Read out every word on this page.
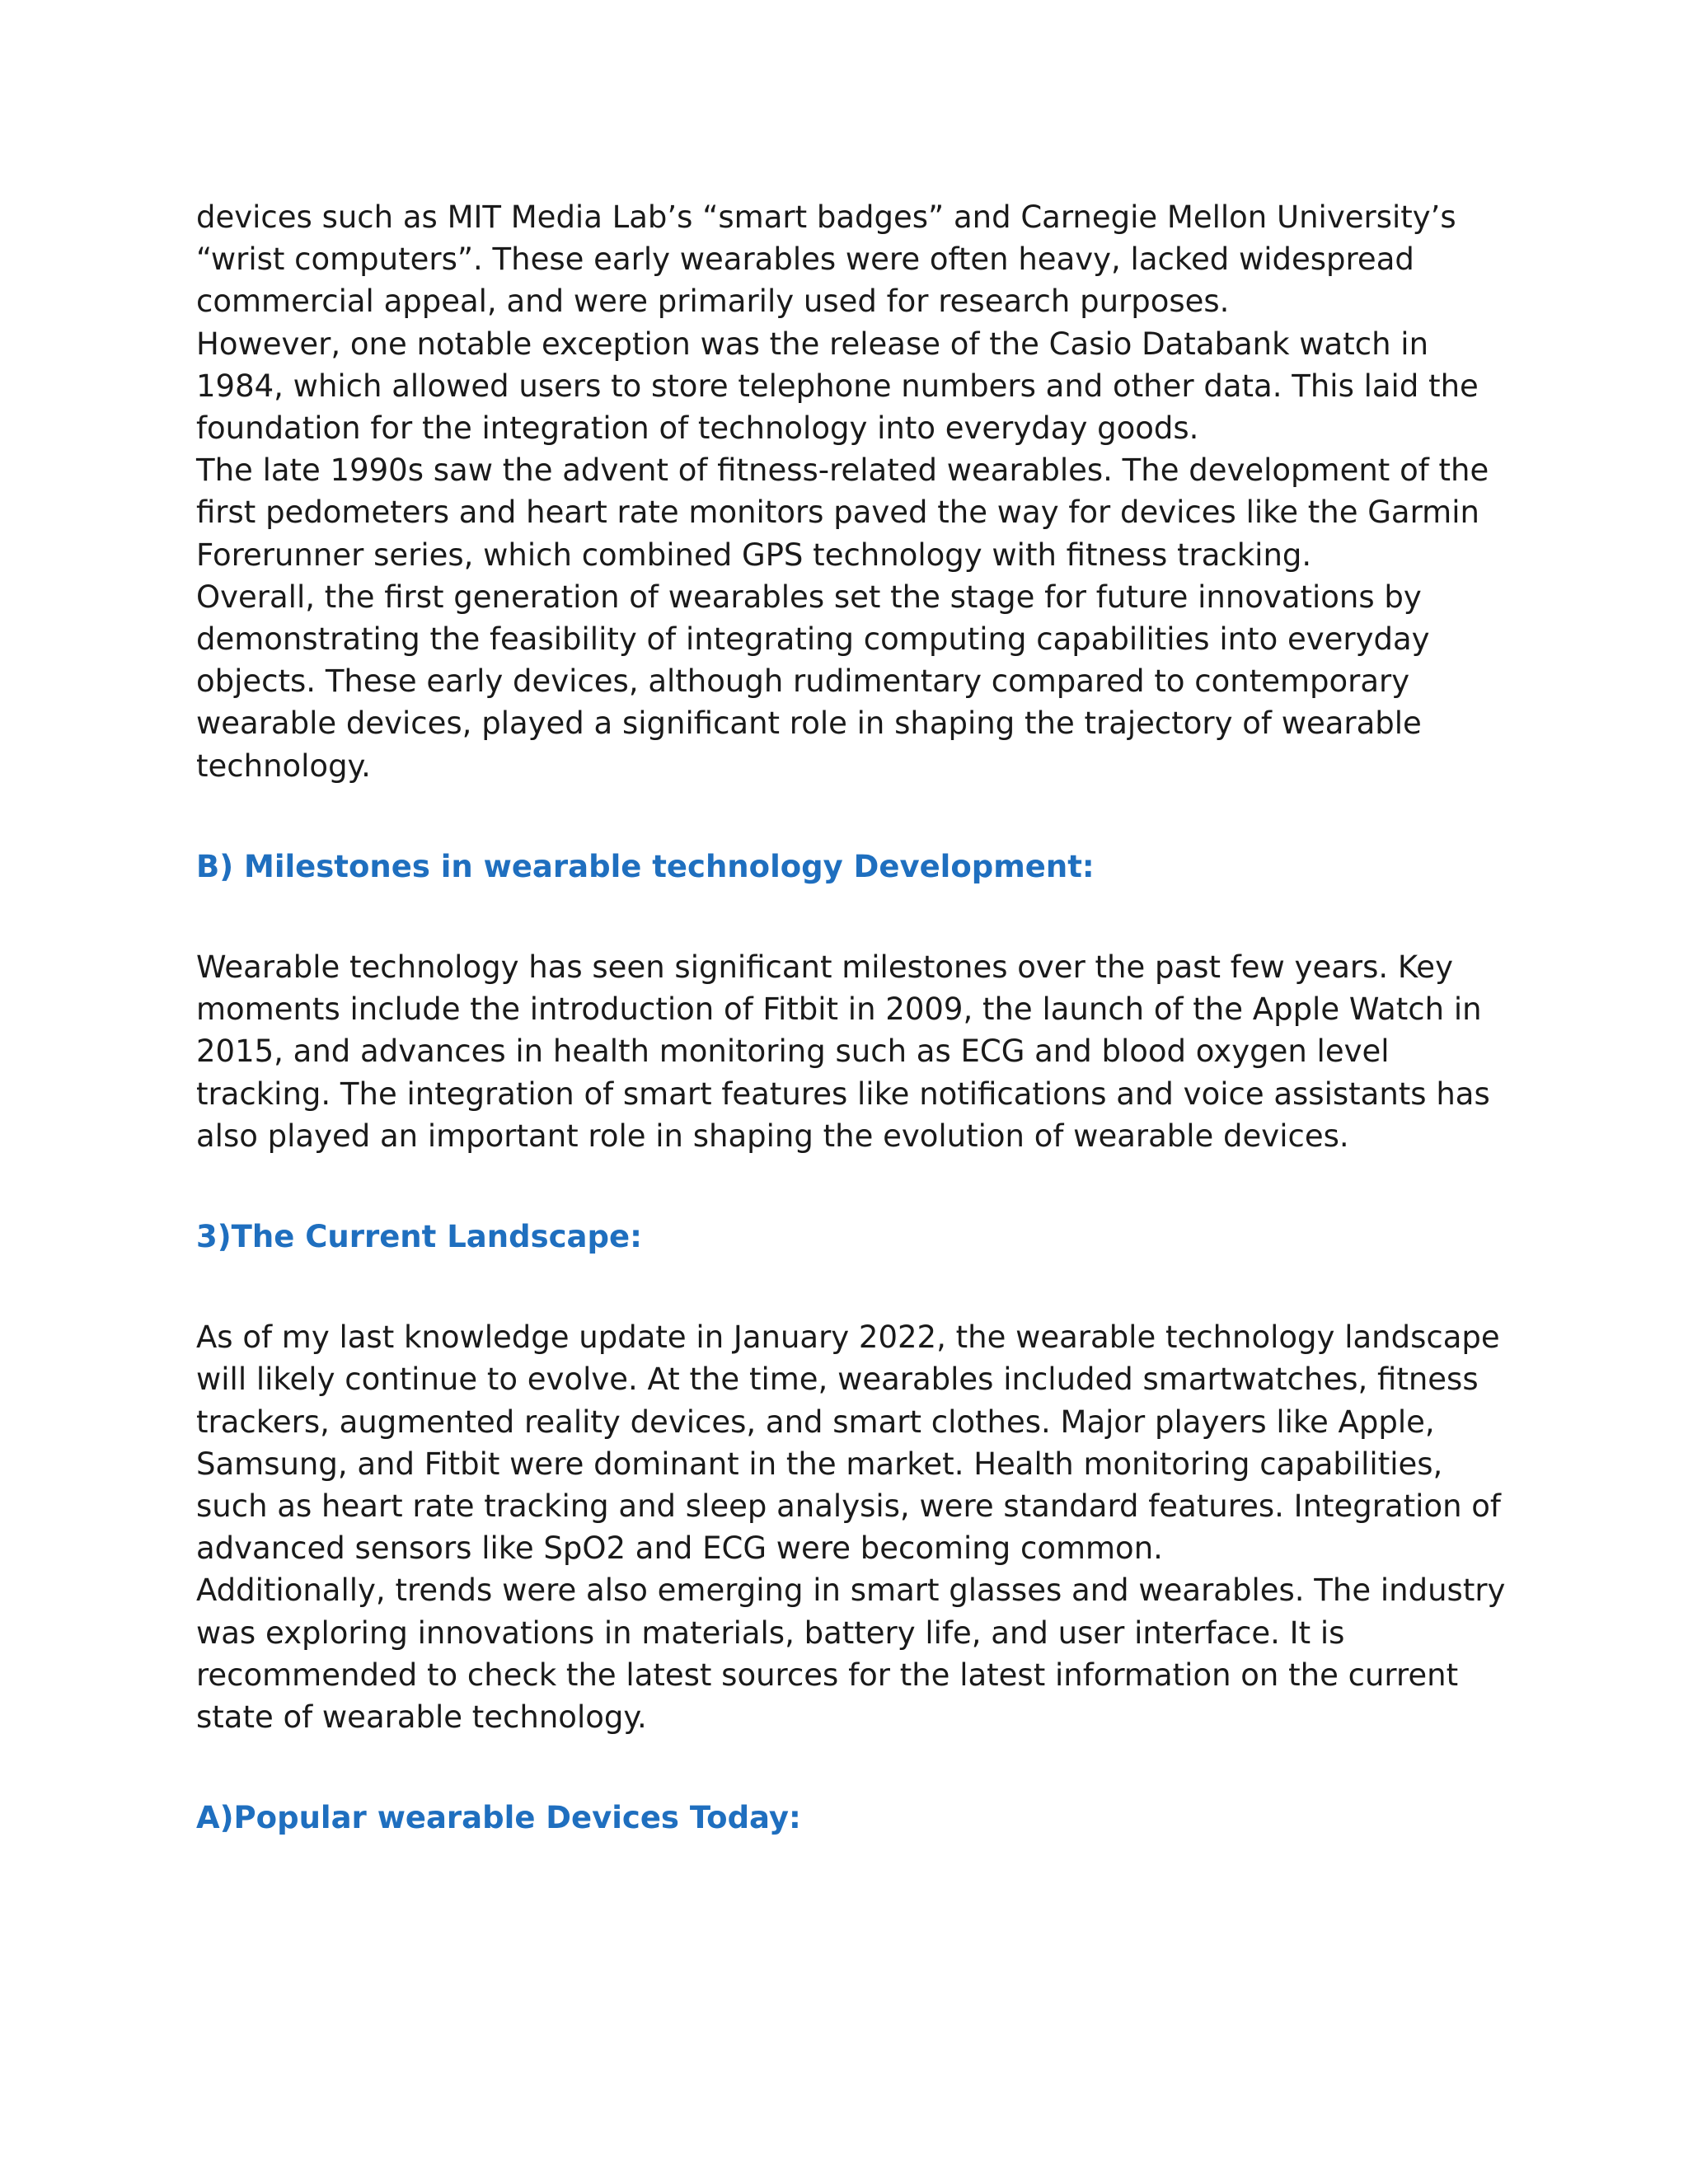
devices such as MIT Media Lab’s “smart badges” and Carnegie Mellon University’s “wrist computers”. These early wearables were often heavy, lacked widespread commercial appeal, and were primarily used for research purposes.

However, one notable exception was the release of the Casio Databank watch in 1984, which allowed users to store telephone numbers and other data. This laid the foundation for the integration of technology into everyday goods.

The late 1990s saw the advent of fitness-related wearables. The development of the first pedometers and heart rate monitors paved the way for devices like the Garmin Forerunner series, which combined GPS technology with fitness tracking.

Overall, the first generation of wearables set the stage for future innovations by demonstrating the feasibility of integrating computing capabilities into everyday objects. These early devices, although rudimentary compared to contemporary wearable devices, played a significant role in shaping the trajectory of wearable technology.

B) Milestones in wearable technology Development:

Wearable technology has seen significant milestones over the past few years. Key moments include the introduction of Fitbit in 2009, the launch of the Apple Watch in 2015, and advances in health monitoring such as ECG and blood oxygen level tracking. The integration of smart features like notifications and voice assistants has also played an important role in shaping the evolution of wearable devices.

3)The Current Landscape:

As of my last knowledge update in January 2022, the wearable technology landscape will likely continue to evolve. At the time, wearables included smartwatches, fitness trackers, augmented reality devices, and smart clothes. Major players like Apple, Samsung, and Fitbit were dominant in the market. Health monitoring capabilities, such as heart rate tracking and sleep analysis, were standard features. Integration of advanced sensors like SpO2 and ECG were becoming common.

Additionally, trends were also emerging in smart glasses and wearables. The industry was exploring innovations in materials, battery life, and user interface. It is recommended to check the latest sources for the latest information on the current state of wearable technology.

A)Popular wearable Devices Today:
